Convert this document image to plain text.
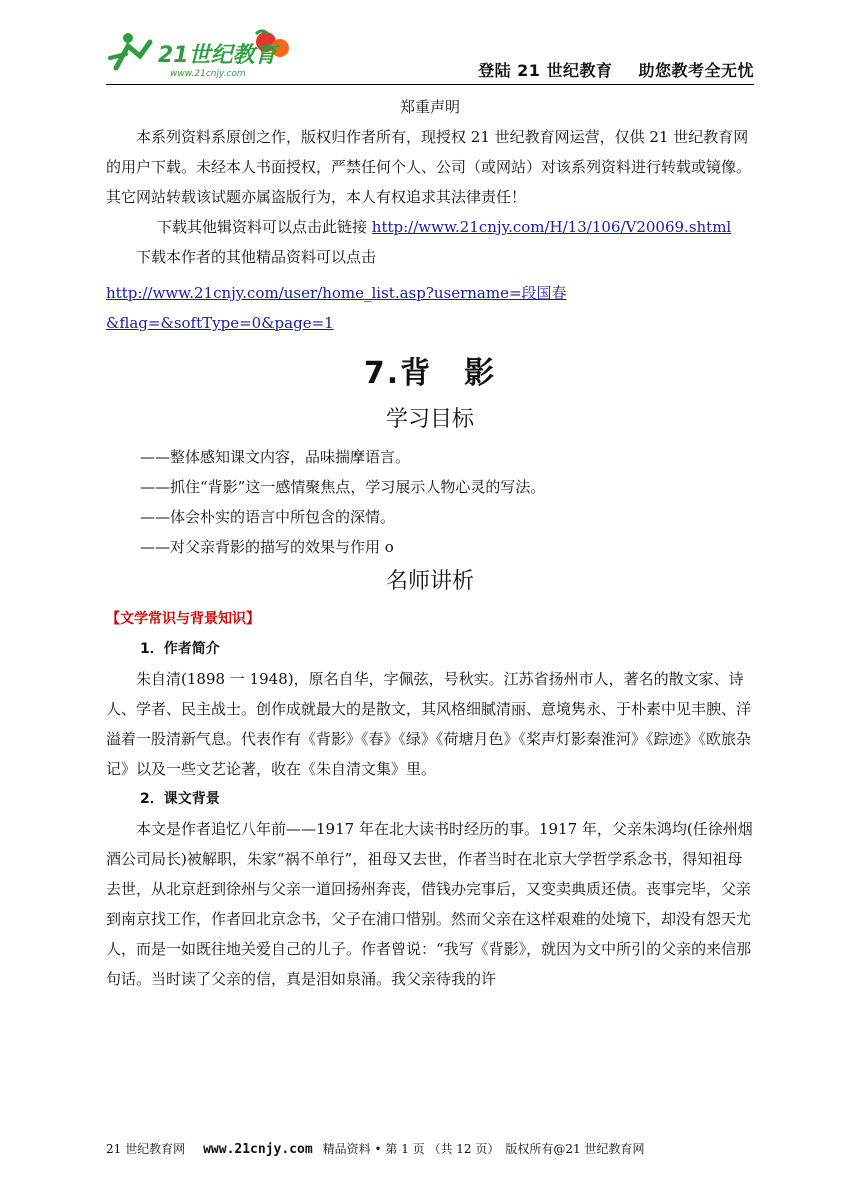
21世纪教育
www.21cnjy.com	登陆 21 世纪教育 助您教考全无忧

郑重声明

本系列资料系原创之作，版权归作者所有，现授权 21 世纪教育网运营，仅供 21 世纪教育网的用户下载。未经本人书面授权，严禁任何个人、公司（或网站）对该系列资料进行转载或镜像。其它网站转载该试题亦属盗版行为，本人有权追求其法律责任！

下载其他辑资料可以点击此链接 http://www.21cnjy.com/H/13/106/V20069.shtml

下载本作者的其他精品资料可以点击

http://www.21cnjy.com/user/home_list.asp?username=段国春&flag=&softType=0&page=1

7.背　影
学习目标

——整体感知课文内容，品味揣摩语言。

——抓住“背影”这一感情聚焦点，学习展示人物心灵的写法。

——体会朴实的语言中所包含的深情。

——对父亲背影的描写的效果与作用 o

名师讲析

【文学常识与背景知识】

1．作者简介

朱自清(1898 一 1948)，原名自华，字佩弦，号秋实。江苏省扬州市人，著名的散文家、诗人、学者、民主战士。创作成就最大的是散文，其风格细腻清丽、意境隽永、于朴素中见丰腴、洋溢着一股清新气息。代表作有《背影》《春》《绿》《荷塘月色》《桨声灯影秦淮河》《踪迹》《欧旅杂记》以及一些文艺论著，收在《朱自清文集》里。

2．课文背景

本文是作者追忆八年前——1917 年在北大读书时经历的事。1917 年，父亲朱鸿均(任徐州烟酒公司局长)被解职，朱家“祸不单行”，祖母又去世，作者当时在北京大学哲学系念书，得知祖母去世，从北京赶到徐州与父亲一道回扬州奔丧，借钱办完事后，又变卖典质还债。丧事完毕，父亲到南京找工作，作者回北京念书，父子在浦口惜别。然而父亲在这样艰难的处境下，却没有怨天尤人，而是一如既往地关爱自己的儿子。作者曾说：“我写《背影》，就因为文中所引的父亲的来信那句话。当时读了父亲的信，真是泪如泉涌。我父亲待我的许

21 世纪教育网 www.21cnjy.com 精品资料 • 第 1 页 （共 12 页）　 版权所有@21 世纪教育网
